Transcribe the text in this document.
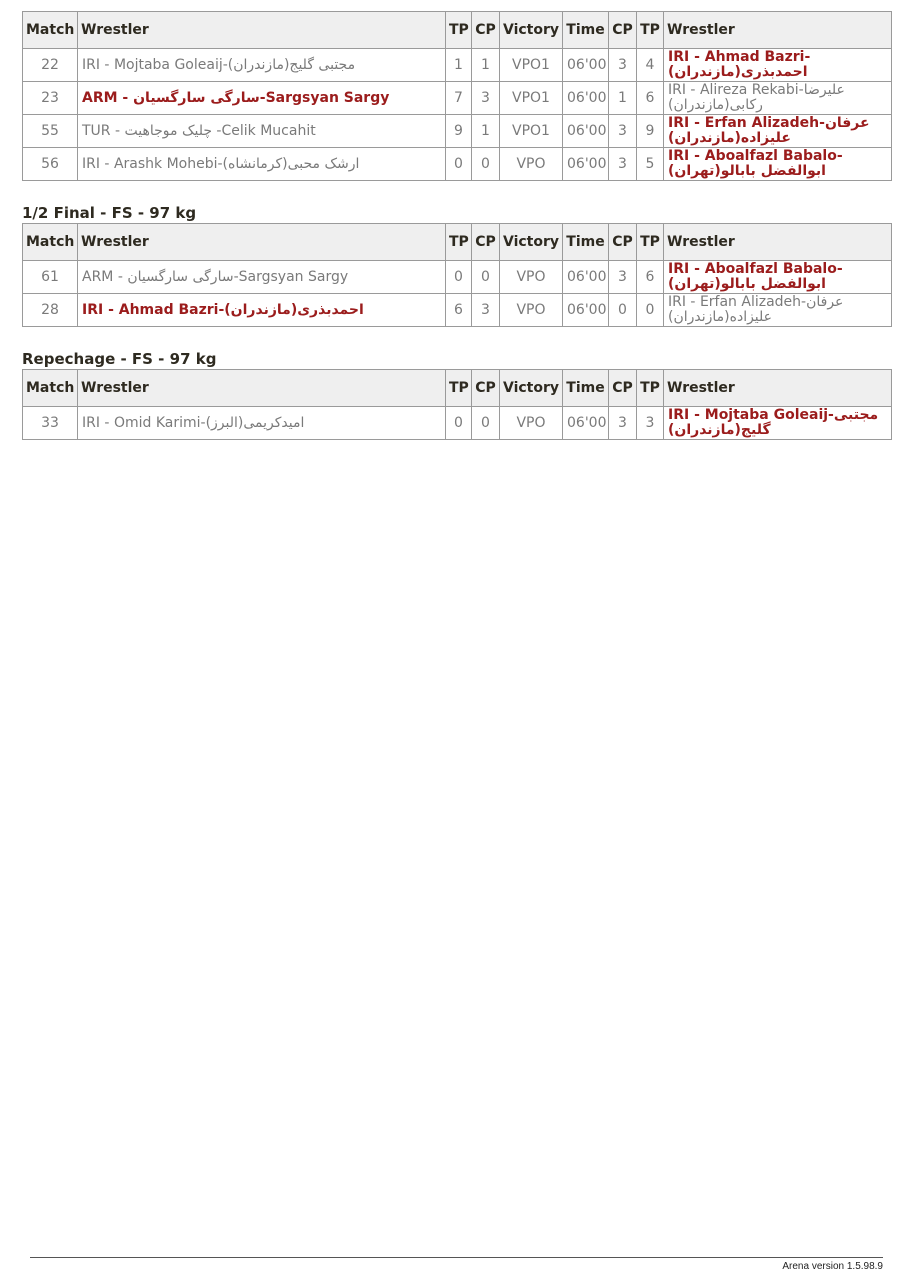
Match	Wrestler	TP	CP	Victory	Time	CP	TP	Wrestler
22	IRI - Mojtaba Goleaij-مجتبی گلیج(مازندران)	1	1	VPO1	06'00	3	4	IRI - Ahmad Bazri-احمدبذری(مازندران)
23	ARM - سارگی سارگسیان-Sargsyan Sargy	7	3	VPO1	06'00	1	6	IRI - Alireza Rekabi-علیرضا رکابی(مازندران)
55	TUR - چلیک موجاهیت -Celik Mucahit	9	1	VPO1	06'00	3	9	IRI - Erfan Alizadeh-عرفان علیزاده(مازندران)
56	IRI - Arashk Mohebi-ارشک محبی(کرمانشاه)	0	0	VPO	06'00	3	5	IRI - Aboalfazl Babalo-ابوالفضل بابالو(تهران)
1/2 Final - FS - 97 kg
Match	Wrestler	TP	CP	Victory	Time	CP	TP	Wrestler
61	ARM - سارگی سارگسیان-Sargsyan Sargy	0	0	VPO	06'00	3	6	IRI - Aboalfazl Babalo-ابوالفضل بابالو(تهران)
28	IRI - Ahmad Bazri-احمدبذری(مازندران)	6	3	VPO	06'00	0	0	IRI - Erfan Alizadeh-عرفان علیزاده(مازندران)
Repechage - FS - 97 kg
Match	Wrestler	TP	CP	Victory	Time	CP	TP	Wrestler
33	IRI - Omid Karimi-امیدکریمی(البرز)	0	0	VPO	06'00	3	3	IRI - Mojtaba Goleaij-مجتبی گلیج(مازندران)
Arena version 1.5.98.9
